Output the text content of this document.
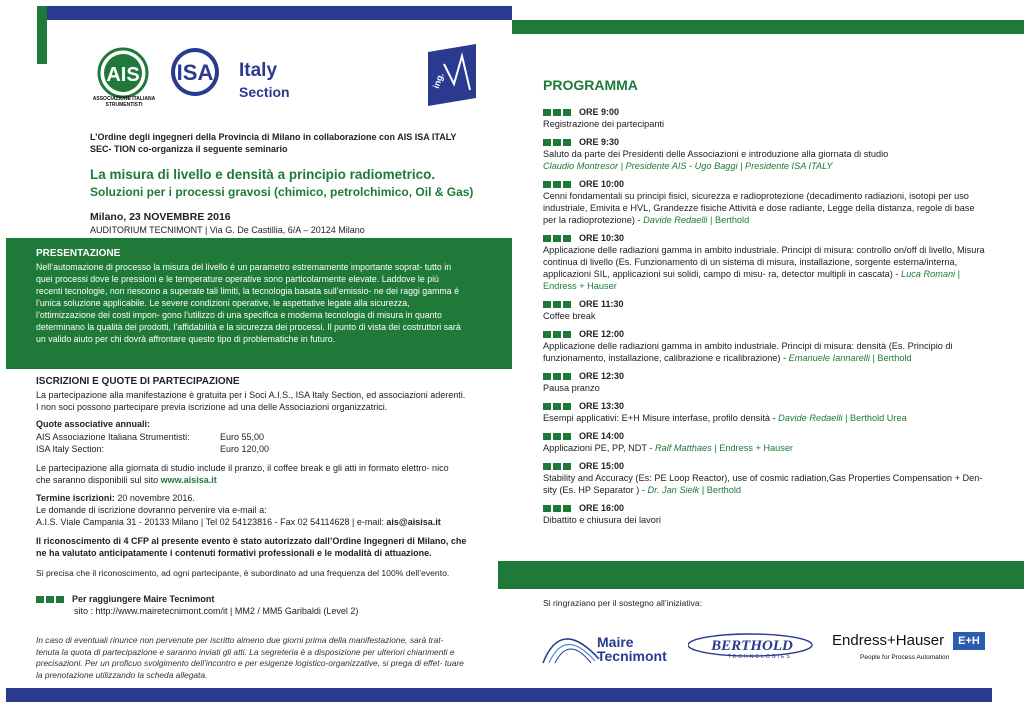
AIS
ASSOCIAZIONE ITALIANA STRUMENTISTI
ISA Italy
Section
ing.
L’Ordine degli ingegneri della Provincia di Milano in collaborazione con AIS ISA ITALY SEC- TION co-organizza il seguente seminario
La misura di livello e densità a principio radiometrico.
Soluzioni per i processi gravosi (chimico, petrolchimico, Oil & Gas)
Milano, 23 NOVEMBRE 2016
AUDITORIUM TECNIMONT | Via G. De Castillia, 6/A – 20124 Milano
PRESENTAZIONE
Nell’automazione di processo la misura del livello è un parametro estremamente importante soprat- tutto in quei processi dove le pressioni e le temperature operative sono particolarmente elevate. Laddove le più recenti tecnologie, non riescono a superate tali limiti, la tecnologia basata sull’emissio- ne dei raggi gamma è l’unica soluzione applicabile. Le severe condizioni operative, le aspettative legate alla sicurezza, l’ottimizzazione dei costi impon- gono l’utilizzo di una specifica e moderna tecnologia di misura in quanto determinano la qualità dei prodotti, l’affidabilità e la sicurezza dei processi. Il punto di vista dei costruttori sarà un valido aiuto per chi dovrà affrontare questo tipo di problematiche in futuro.
ISCRIZIONI E QUOTE DI PARTECIPAZIONE
La partecipazione alla manifestazione è gratuita per i Soci A.I.S., ISA Italy Section, ed associazioni aderenti. I non soci possono partecipare previa iscrizione ad una delle Associazioni organizzatrici.
Quote associative annuali:
AIS Associazione Italiana Strumentisti:	Euro 55,00
ISA Italy Section:	Euro 120,00
Le partecipazione alla giornata di studio include il pranzo, il coffee break e gli atti in formato elettro- nico che saranno disponibili sul sito www.aisisa.it
Termine iscrizioni: 20 novembre 2016.
Le domande di iscrizione dovranno pervenire via e-mail a:
A.I.S. Viale Campania 31 - 20133 Milano | Tel 02 54123816 - Fax 02 54114628 | e-mail: ais@aisisa.it
Il riconoscimento di 4 CFP al presente evento è stato autorizzato dall’Ordine Ingegneri di Milano, che ne ha valutato anticipatamente i contenuti formativi professionali e le modalità di attuazione.
Si precisa che il riconoscimento, ad ogni partecipante, è subordinato ad una frequenza del 100% dell’evento.
Per raggiungere Maire Tecnimont
sito : http://www.mairetecnimont.com/it | MM2 / MM5 Garibaldi (Level 2)
In caso di eventuali rinunce non pervenute per iscritto almeno due giorni prima della manifestazione, sarà trat- tenuta la quota di partecipazione e saranno inviati gli atti. La segreteria è a disposizione per ulteriori chiarimenti e precisazioni. Per un proficuo svolgimento dell’incontro e per esigenze logistico-organizzative, si prega di effet- tuare la prenotazione utilizzando la scheda allegata.
PROGRAMMA
ORE 9:00
Registrazione dei partecipanti
ORE 9:30
Saluto da parte dei Presidenti delle Associazioni e introduzione alla giornata di studio
Claudio Montresor | Presidente AIS - Ugo Baggi | Presidente ISA ITALY
ORE 10:00
Cenni fondamentali su principi fisici, sicurezza e radioprotezione (decadimento radiazioni, isotopi per uso industriale, Emivita e HVL, Grandezze fisiche Attività e dose radiante, Legge della distanza, regole di base per la radioprotezione) - Davide Redaelli | Berthold
ORE 10:30
Applicazione delle radiazioni gamma in ambito industriale. Principi di misura: controllo on/off di livello, Misura continua di livello (Es. Funzionamento di un sistema di misura, installazione, sorgente esterna/interna, applicazioni SIL, applicazioni sui solidi, campo di misu- ra, detector multipli in cascata) - Luca Romani | Endress + Hauser
ORE 11:30
Coffee break
ORE 12:00
Applicazione delle radiazioni gamma in ambito industriale. Principi di misura: densità (Es. Principio di funzionamento, installazione, calibrazione e ricalibrazione) - Emanuele Iannarelli | Berthold
ORE 12:30
Pausa pranzo
ORE 13:30
Esempi applicativi: E+H Misure interfase, profilo densità - Davide Redaelli | Berthold Urea
ORE 14:00
Applicazioni PE, PP, NDT - Ralf Matthaes | Endress + Hauser
ORE 15:00
Stability and Accuracy (Es: PE Loop Reactor), use of cosmic radiation,Gas Properties Compensation + Den- sity (Es. HP Separator ) - Dr. Jan Sielk | Berthold
ORE 16:00
Dibattito e chiusura dei lavori
Si ringraziano per il sostegno all’iniziativa:
Maire
Tecnimont
BERTHOLD
TECHNOLOGIES
Endress+Hauser	E+H
People for Process Automation
